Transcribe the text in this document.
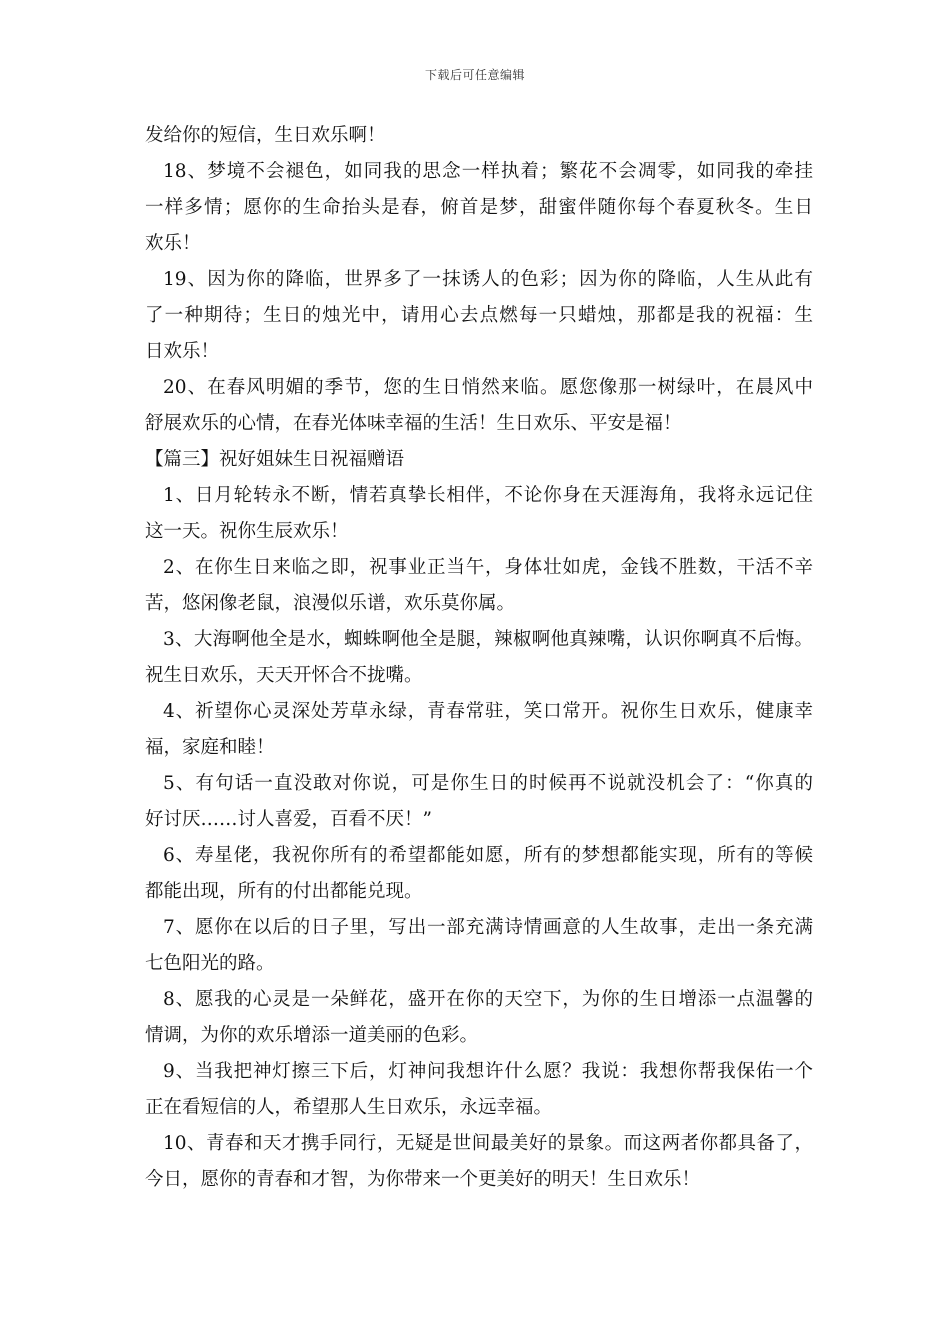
下载后可任意编辑
发给你的短信，生日欢乐啊！
18、梦境不会褪色，如同我的思念一样执着；繁花不会凋零，如同我的牵挂
一样多情；愿你的生命抬头是春，俯首是梦，甜蜜伴随你每个春夏秋冬。生日
欢乐！
19、因为你的降临，世界多了一抹诱人的色彩；因为你的降临，人生从此有
了一种期待；生日的烛光中，请用心去点燃每一只蜡烛，那都是我的祝福：生
日欢乐！
20、在春风明媚的季节，您的生日悄然来临。愿您像那一树绿叶，在晨风中
舒展欢乐的心情，在春光体味幸福的生活！生日欢乐、平安是福！
【篇三】祝好姐妹生日祝福赠语
1、日月轮转永不断，情若真挚长相伴，不论你身在天涯海角，我将永远记住
这一天。祝你生辰欢乐！
2、在你生日来临之即，祝事业正当午，身体壮如虎，金钱不胜数，干活不辛
苦，悠闲像老鼠，浪漫似乐谱，欢乐莫你属。
3、大海啊他全是水，蜘蛛啊他全是腿，辣椒啊他真辣嘴，认识你啊真不后悔。
祝生日欢乐，天天开怀合不拢嘴。
4、祈望你心灵深处芳草永绿，青春常驻，笑口常开。祝你生日欢乐，健康幸
福，家庭和睦！
5、有句话一直没敢对你说，可是你生日的时候再不说就没机会了：“你真的
好讨厌……讨人喜爱，百看不厌！”
6、寿星佬，我祝你所有的希望都能如愿，所有的梦想都能实现，所有的等候
都能出现，所有的付出都能兑现。
7、愿你在以后的日子里，写出一部充满诗情画意的人生故事，走出一条充满
七色阳光的路。
8、愿我的心灵是一朵鲜花，盛开在你的天空下，为你的生日增添一点温馨的
情调，为你的欢乐增添一道美丽的色彩。
9、当我把神灯擦三下后，灯神问我想许什么愿？我说：我想你帮我保佑一个
正在看短信的人，希望那人生日欢乐，永远幸福。
10、青春和天才携手同行，无疑是世间最美好的景象。而这两者你都具备了，
今日，愿你的青春和才智，为你带来一个更美好的明天！生日欢乐！
